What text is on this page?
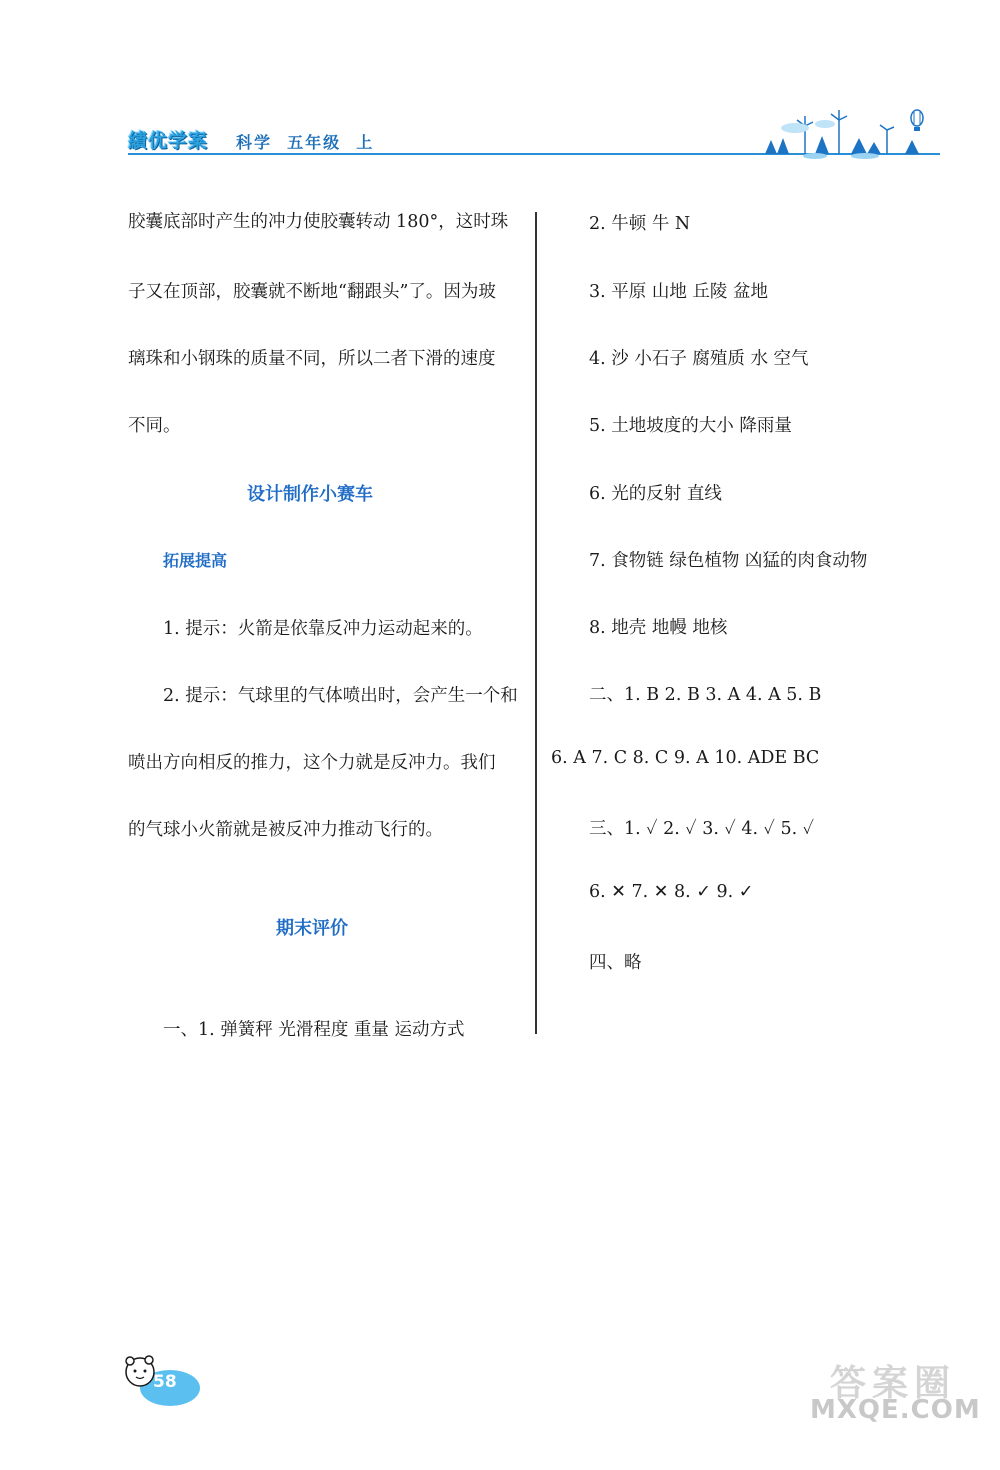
績优学案	科学  五年级  上
胶囊底部时产生的冲力使胶囊转动 180°，这时珠
子又在顶部，胶囊就不断地“翻跟头”了。因为玻
璃珠和小钢珠的质量不同，所以二者下滑的速度
不同。
设计制作小赛车
拓展提高
1. 提示：火箭是依靠反冲力运动起来的。
2. 提示：气球里的气体喷出时，会产生一个和
喷出方向相反的推力，这个力就是反冲力。我们
的气球小火箭就是被反冲力推动飞行的。
期末评价
一、1. 弹簧秤 光滑程度 重量 运动方式
2. 牛顿 牛 N
3. 平原 山地 丘陵 盆地
4. 沙 小石子 腐殖质 水 空气
5. 土地坡度的大小 降雨量
6. 光的反射 直线
7. 食物链 绿色植物 凶猛的肉食动物
8. 地壳 地幔 地核
二、1. B 2. B 3. A 4. A 5. B
6. A 7. C 8. C 9. A 10. ADE BC
三、1. ✓ 2. ✓ 3. ✓ 4. ✓ 5. ✓
6. ✕ 7. ✕ 8. ✓ 9. ✓
四、略
58	答案圈
MXQE.COM
